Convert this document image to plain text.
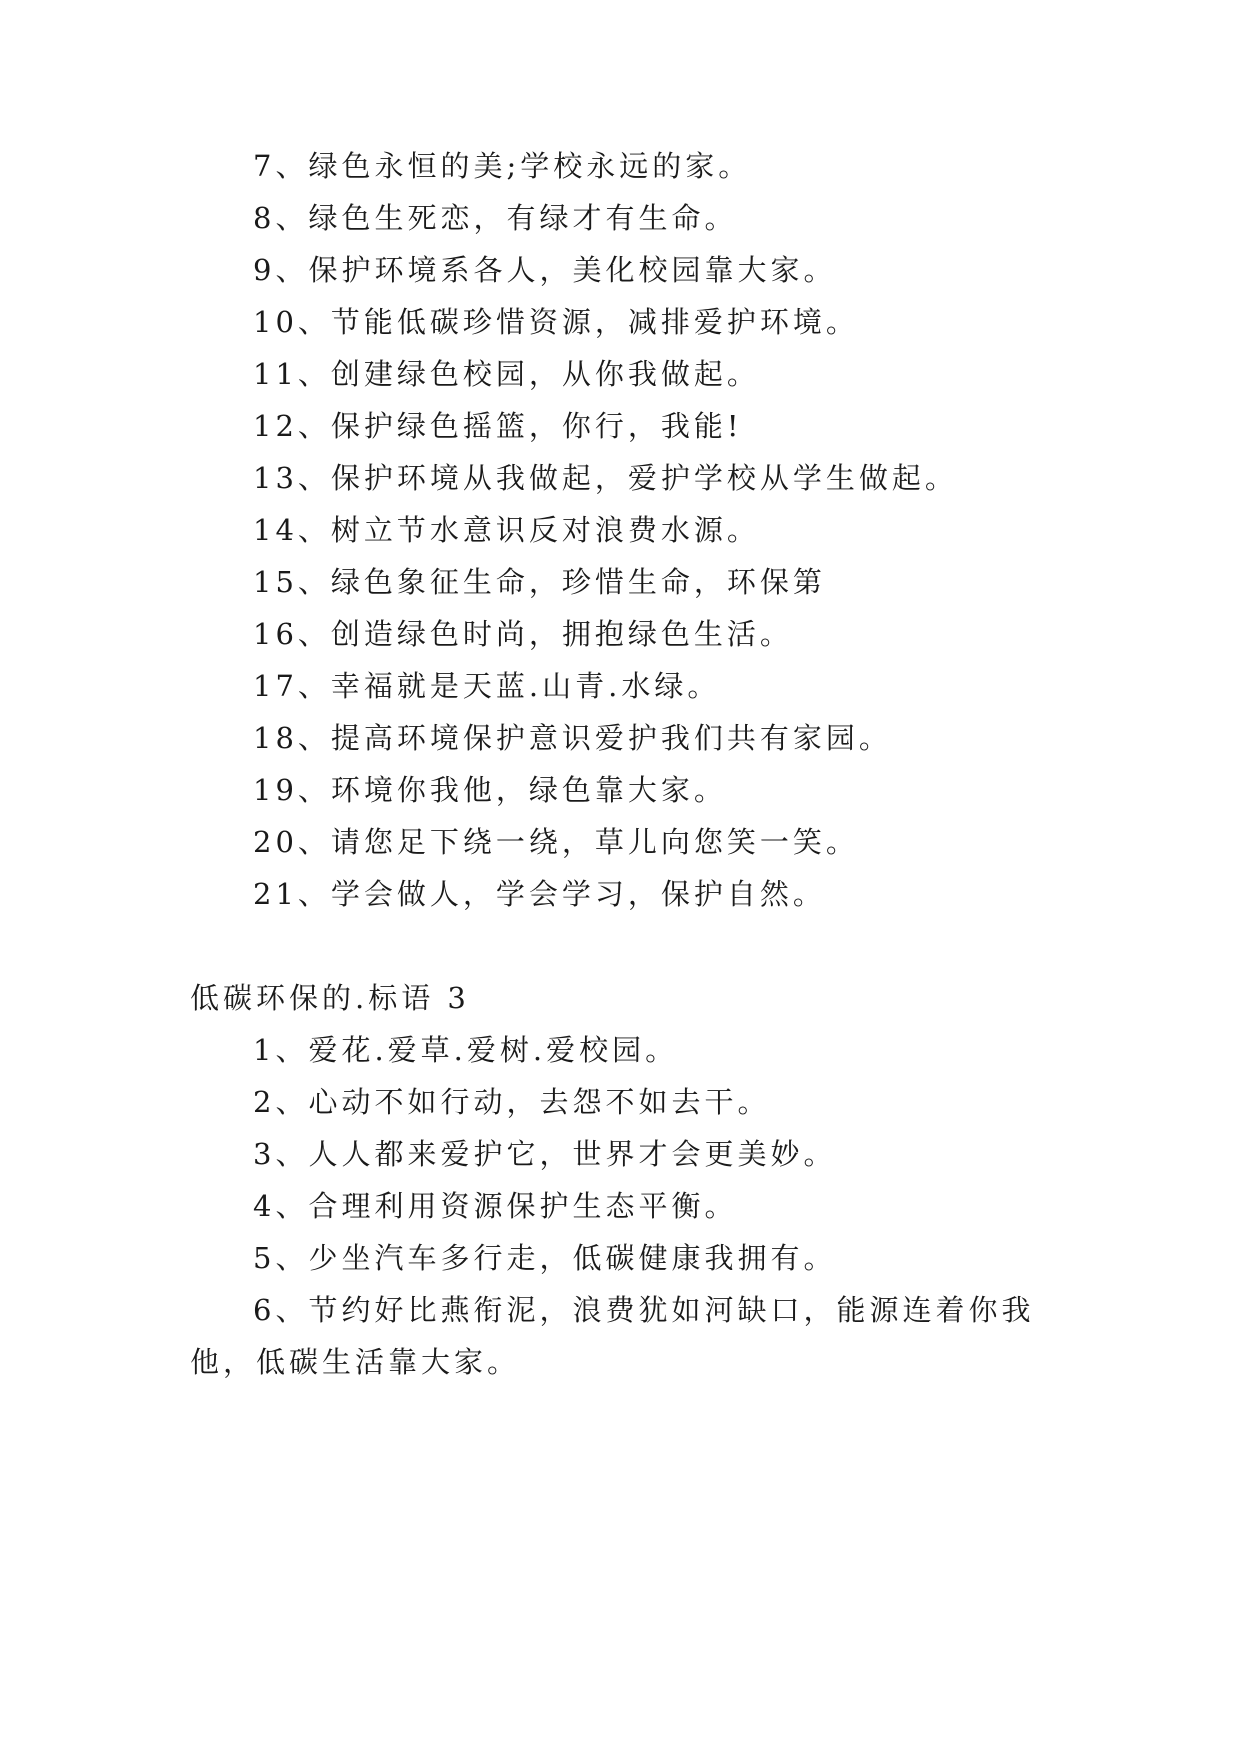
7、绿色永恒的美;学校永远的家。
8、绿色生死恋，有绿才有生命。
9、保护环境系各人，美化校园靠大家。
10、节能低碳珍惜资源，减排爱护环境。
11、创建绿色校园，从你我做起。
12、保护绿色摇篮，你行，我能!
13、保护环境从我做起，爱护学校从学生做起。
14、树立节水意识反对浪费水源。
15、绿色象征生命，珍惜生命，环保第
16、创造绿色时尚，拥抱绿色生活。
17、幸福就是天蓝.山青.水绿。
18、提高环境保护意识爱护我们共有家园。
19、环境你我他，绿色靠大家。
20、请您足下绕一绕，草儿向您笑一笑。
21、学会做人，学会学习，保护自然。
低碳环保的.标语 3
1、爱花.爱草.爱树.爱校园。
2、心动不如行动，去怨不如去干。
3、人人都来爱护它，世界才会更美妙。
4、合理利用资源保护生态平衡。
5、少坐汽车多行走，低碳健康我拥有。
6、节约好比燕衔泥，浪费犹如河缺口，能源连着你我
他，低碳生活靠大家。
